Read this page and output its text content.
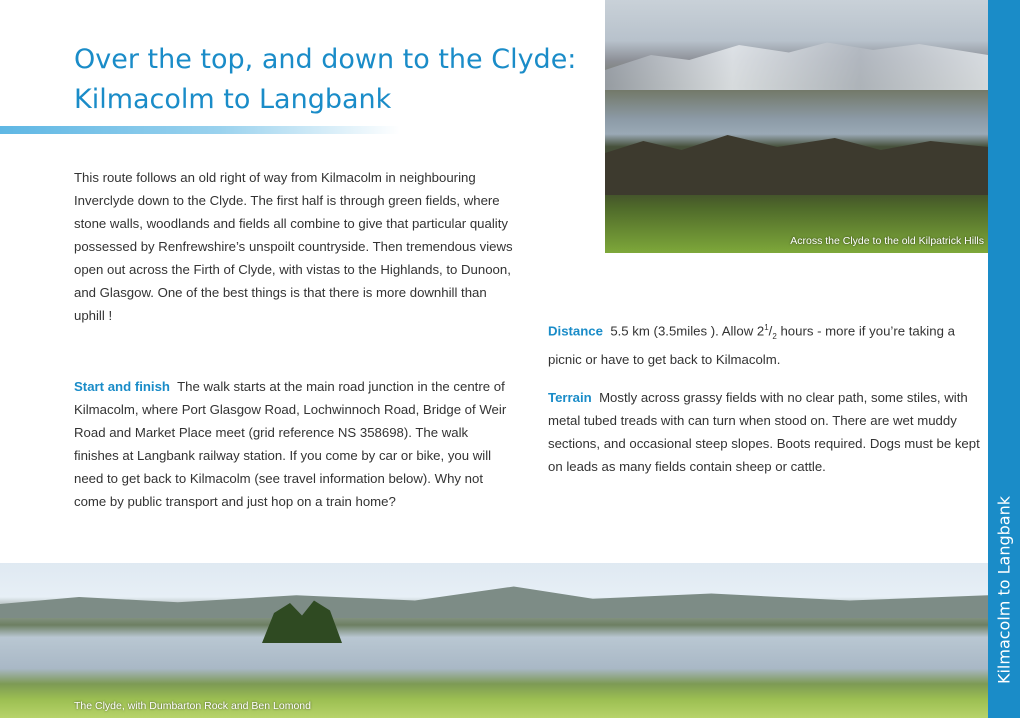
Over the top, and down to the Clyde:
Kilmacolm to Langbank

This route follows an old right of way from Kilmacolm in neighbouring Inverclyde down to the Clyde. The first half is through green fields, where stone walls, woodlands and fields all combine to give that particular quality possessed by Renfrewshire’s unspoilt countryside. Then tremendous views open out across the Firth of Clyde, with vistas to the Highlands, to Dunoon, and Glasgow. One of the best things is that there is more downhill than uphill !

Start and finish The walk starts at the main road junction in the centre of Kilmacolm, where Port Glasgow Road, Lochwinnoch Road, Bridge of Weir Road and Market Place meet (grid reference NS 358698). The walk finishes at Langbank railway station. If you come by car or bike, you will need to get back to Kilmacolm (see travel information below). Why not come by public transport and just hop on a train home?

Distance 5.5 km (3.5miles ). Allow $2^1/_2$ hours - more if you’re taking a picnic or have to get back to Kilmacolm.

Terrain Mostly across grassy fields with no clear path, some stiles, with metal tubed treads with can turn when stood on. There are wet muddy sections, and occasional steep slopes. Boots required. Dogs must be kept on leads as many fields contain sheep or cattle.

Across the Clyde to the old Kilpatrick Hills
The Clyde, with Dumbarton Rock and Ben Lomond
Kilmacolm to Langbank
